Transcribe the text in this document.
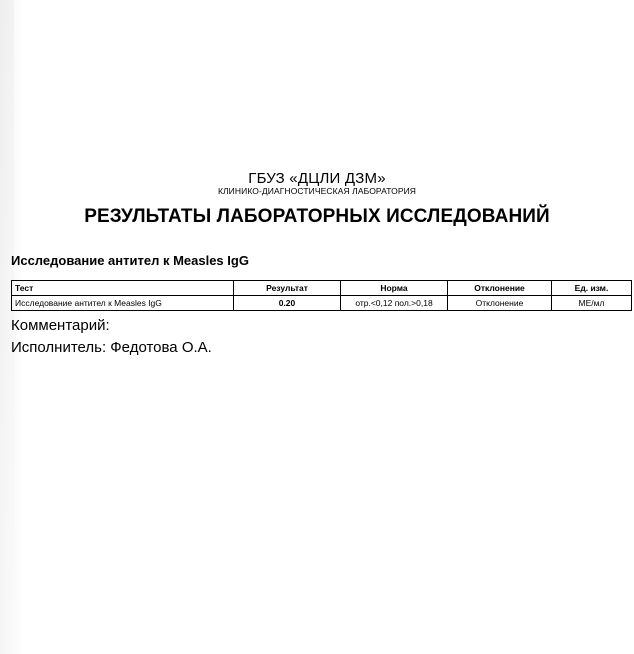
ГБУЗ «ДЦЛИ ДЗМ»
КЛИНИКО-ДИАГНОСТИЧЕСКАЯ ЛАБОРАТОРИЯ
РЕЗУЛЬТАТЫ ЛАБОРАТОРНЫХ ИССЛЕДОВАНИЙ
Исследование антител к Measles IgG
Тест	Результат	Норма	Отклонение	Ед. изм.
Исследование антител к Measles IgG	0.20	отр.<0,12 пол.>0,18	Отклонение	МЕ/мл
Комментарий:
Исполнитель: Федотова О.А.
